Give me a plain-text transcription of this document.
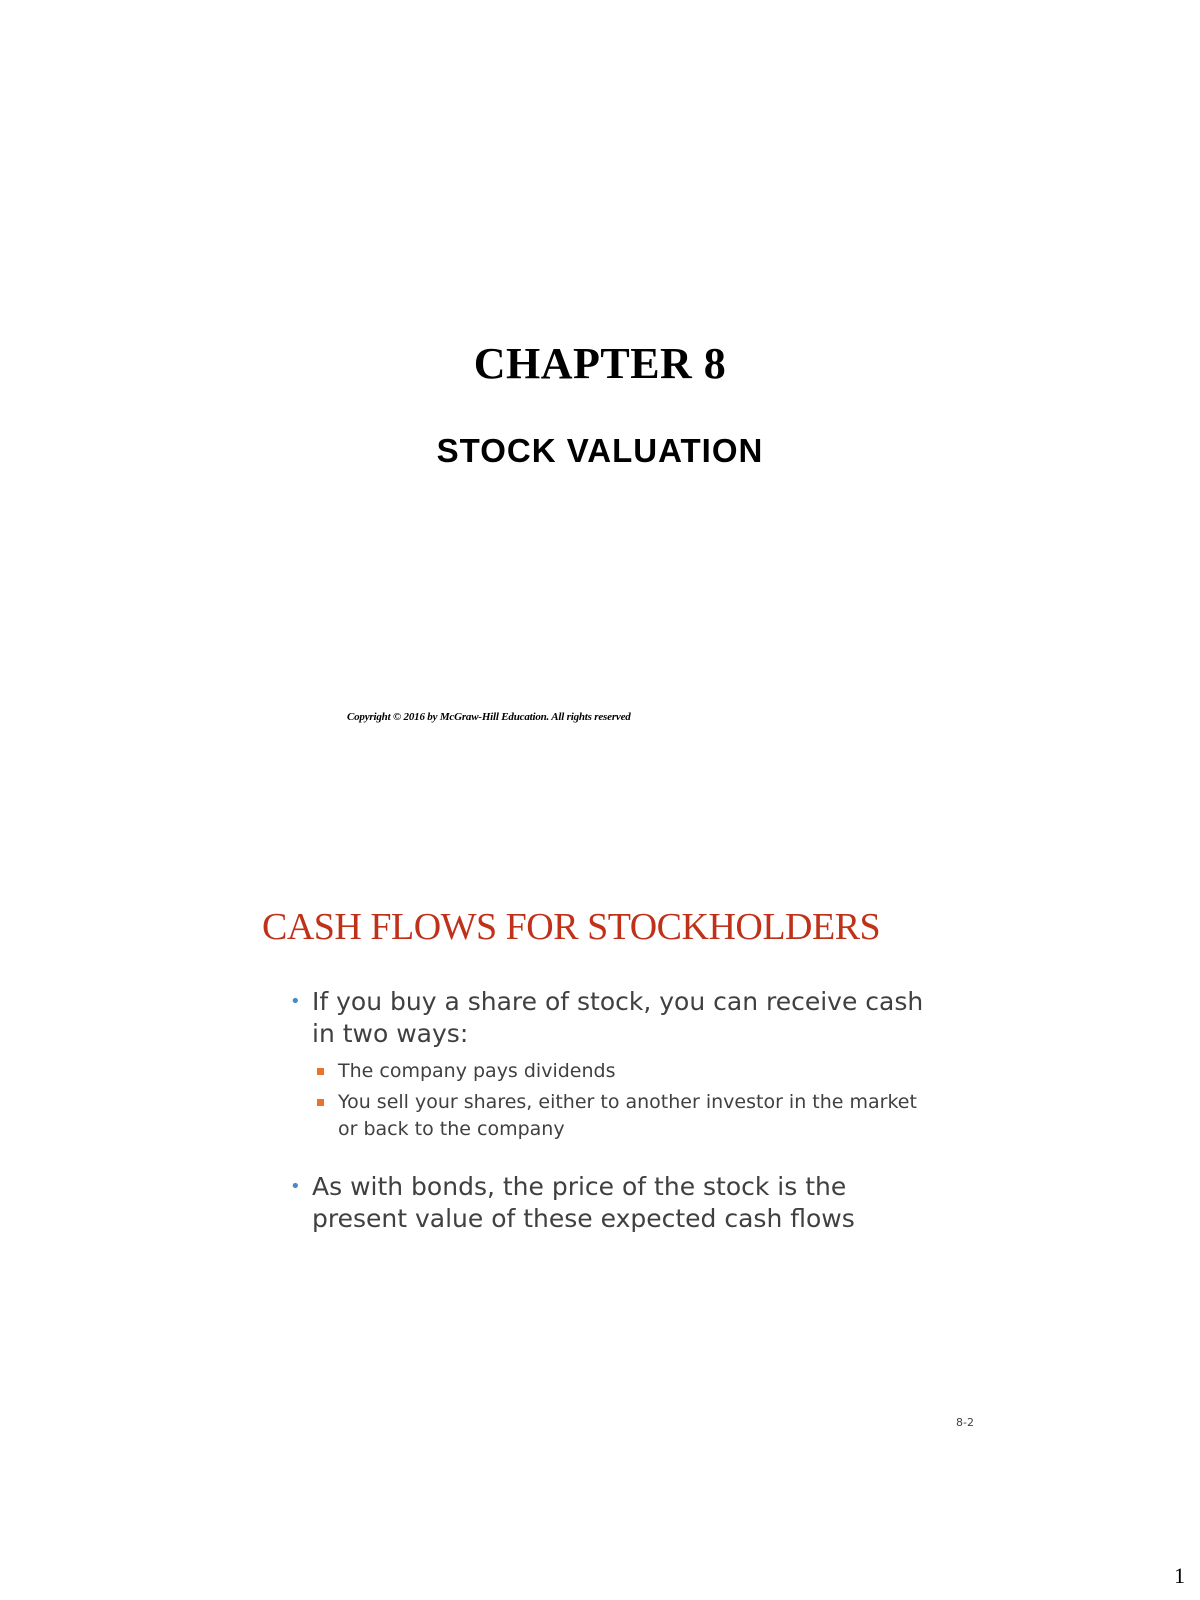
CHAPTER 8
STOCK VALUATION

Copyright © 2016 by McGraw-Hill Education. All rights reserved

CASH FLOWS FOR STOCKHOLDERS
• If you buy a share of stock, you can receive cash in two ways:
The company pays dividends
You sell your shares, either to another investor in the market or back to the company
• As with bonds, the price of the stock is the present value of these expected cash flows

8-2

1
